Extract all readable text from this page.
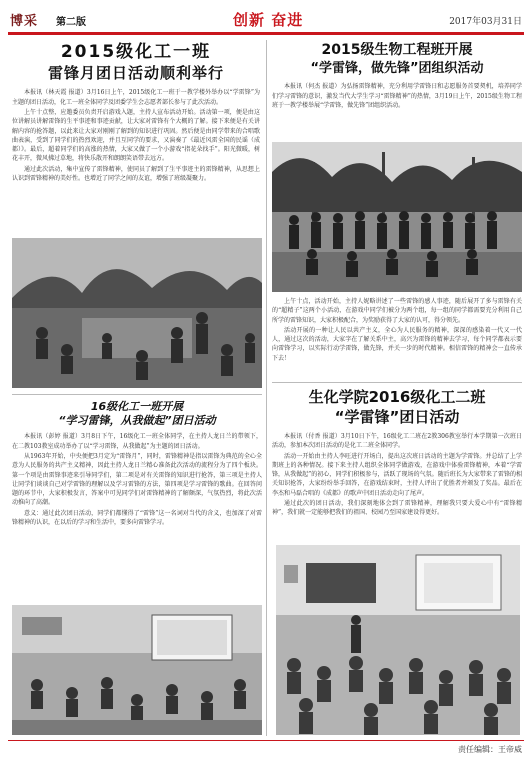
博采 第二版	创新 奋进	2017年03月31日
2015级化工一班
雷锋月团日活动顺利举行

本报讯（林天霞 报道）3月16日上午，2015级化工一班于一教学楼外举办以“学雷锋”为主题的团日活动，化工一班全体同学及团委学生会志愿者部长参与了此次活动。

上午十点整，应邀委员负责开启游戏入题，主持人宣布活动开始。活动第一项，便是由这位讲解员讲解雷锋的生平事迹和事迹贡献，让大家对雷锋有个大概的了解。接下来便是有关讲解内容的抢答题，以此来让大家对刚刚了解到的知识进行巩固。然后便是由同学带来的合唱歌曲表演，受到了同学们的热烈欢迎，并且互同学的要求，又演奏了《最近风雷全国的民谣（成都）》。最后，超着同学们的高涨的热情，大家又做了一个小游戏“指花朵找手”。阳光微暖，树花丰开，微风拂过草地，将快乐散开和朗朗笑语带去远方。

通过此次活动，集中宣传了雷锋精神，使同员了解到了生平事迹主的雷锋精神，从思想上认识到雷锋精神的美好性。也增近了同学之间的友谊，增强了班级凝聚力。

16级化工一班开展
“学习雷锋，从我做起”团日活动

本报讯（彭婷 报道）3月8日下午，16级化工一班全体同学，在主持人龙日兰的带领下，在二教103教室成功举办了以“学习雷锋，从我做起”为主题的团日活动。

从1963年开始，中央便把3月定为“雷锋月”，同时，雷锋精神是指以雷锋为典范的全心全意为人民服务的共产主义精神，因此主持人龙日兰精心准备此次活动的流程分为了四个板块。第一个项是由雷锋事迹来引导同学们，第二项是对有关雷锋的知识进行抢答，第三项是主持人让同学们谈谈自己对学雷锋的理解以及学习雷锋的方法，第四项是学习雷锋的歌曲。在回答问题的环节中，大家积极发言，答案中可见同学们对雷锋精神的了解颇深，气氛热烈，将此次活动推向了高潮。

意义：通过此次团日活动，同学们都懂得了“雷锋”这一名词对当代的含义，也加深了对雷锋精神的认识，在以后的学习和生活中，要多向雷锋学习。

2015级生物工程班开展
“学雷锋，做先锋”团组织活动

本报讯（何杰 报道）为弘扬雷锋精神，充分利用学雷锋日和志愿服务首要契机，培养同学们学习雷锋的意识，激发当代大学生学习“雷锋精神”的热情，3月19日上午，2015级生物工程班于一教学楼举展“学雷锋，做先锋”团组织活动。

上午十点，活动开始，主持人妮略讲述了一些雷锋的感人事迹，随后展开了多与雷锋有关的“超精子”这两个小活动，在游戏中同学们被分为两个组，每一组的同学都需要充分利用自己所学的雷锋知识，大家积极配合，为奖励获得了大家的认可，得分领先。

活动开展的一种让人民以共产主义，全心为人民服务的精神，深深的感染着一代又一代人，通过这次的活动，大家字在了解关系中主，高兴为雷锋的精神去学习，每个同学都表示要向雷锋学习，以实际行动学雷锋，做先锋，并关一步的时代精神。相信雷锋的精神会一直传承下去！

生化学院2016级化工二班
“学雷锋”团日活动

本报讯（付香 报道）3月10日下午，16级化工二班在2教306教室举行本学期第一次班日活动，参加本次团日活动的是化工二班全体同学。

活动一开始由主持人李旺进行开场白，提出这次班日活动的主题为学雷锋。并总结了上学期班上的各种情况。接下来主持人组织全体同学做游戏，在游戏中体验雷锋精神，本着“学雷锋，从我做起”的初心，同学们积极参与，活跃了现场的气氛。随后班长为大家带来了雷锋的相关知识抢答，大家纷纷举手回答，在游戏结束时，主持人评出了优胜者并颁发了奖品。最后在李杰和马磊合唱的《成都》的歌声中团日活动走向了尾声。

通过此次的团日活动，我们深刻地体会到了雷锋精神，理解我只要大爱心中有“雷锋精神”，我们就一定能够把我们的祖国、校园乃至国家建设得更好。

责任编辑：王帝威
